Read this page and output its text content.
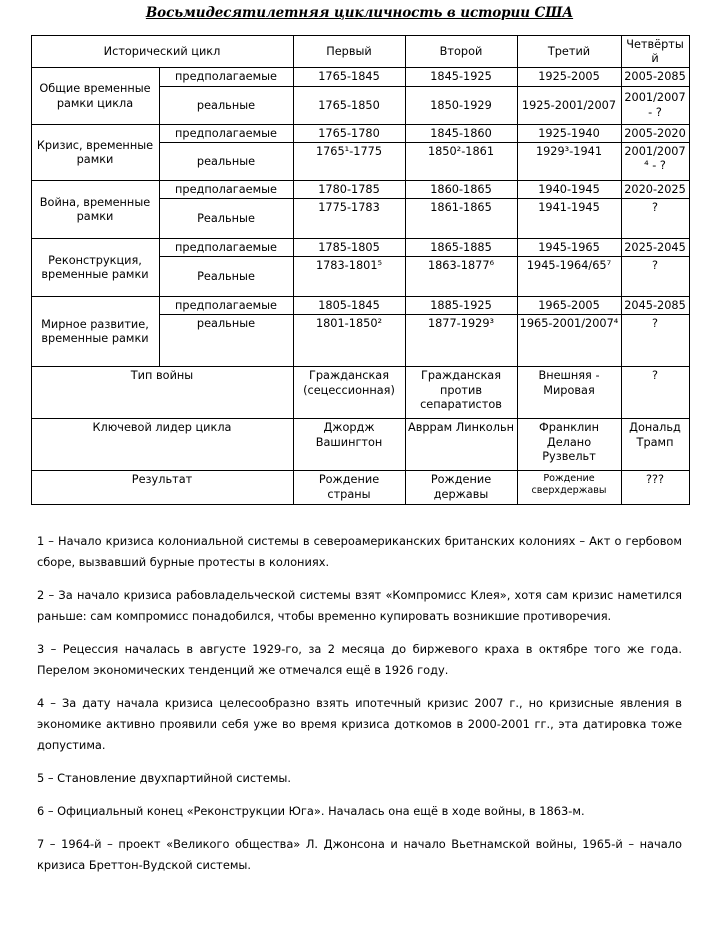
Восьмидесятилетняя цикличность в истории США
Исторический цикл		Первый	Второй	Третий	Четвёртый
Общие временные рамки цикла	предполагаемые	1765-1845	1845-1925	1925-2005	2005-2085
	реальные	1765-1850	1850-1929	1925-2001/2007	2001/2007 - ?
Кризис, временные рамки	предполагаемые	1765-1780	1845-1860	1925-1940	2005-2020
	реальные	1765¹-1775	1850²-1861	1929³-1941	2001/2007⁴ - ?
Война, временные рамки	предполагаемые	1780-1785	1860-1865	1940-1945	2020-2025
	Реальные	1775-1783	1861-1865	1941-1945	?
Реконструкция, временные рамки	предполагаемые	1785-1805	1865-1885	1945-1965	2025-2045
	Реальные	1783-1801⁵	1863-1877⁶	1945-1964/65⁷	?
Мирное развитие, временные рамки	предполагаемые	1805-1845	1885-1925	1965-2005	2045-2085
	реальные	1801-1850²	1877-1929³	1965-2001/2007⁴	?
Тип войны		Гражданская (сецессионная)	Гражданская против сепаратистов	Внешняя - Мировая	?
Ключевой лидер цикла		Джордж Вашингтон	Авррам Линкольн	Франклин Делано Рузвельт	Дональд Трамп
Результат		Рождение страны	Рождение державы	Рождение сверхдержавы	???

1 – Начало кризиса колониальной системы в североамериканских британских колониях – Акт о гербовом сборе, вызвавший бурные протесты в колониях.

2 – За начало кризиса рабовладельческой системы взят «Компромисс Клея», хотя сам кризис наметился раньше: сам компромисс понадобился, чтобы временно купировать возникшие противоречия.

3 – Рецессия началась в августе 1929-го, за 2 месяца до биржевого краха в октябре того же года. Перелом экономических тенденций же отмечался ещё в 1926 году.

4 – За дату начала кризиса целесообразно взять ипотечный кризис 2007 г., но кризисные явления в экономике активно проявили себя уже во время кризиса доткомов в 2000-2001 гг., эта датировка тоже допустима.

5 – Становление двухпартийной системы.

6 – Официальный конец «Реконструкции Юга». Началась она ещё в ходе войны, в 1863-м.

7 – 1964-й – проект «Великого общества» Л. Джонсона и начало Вьетнамской войны, 1965-й – начало кризиса Бреттон-Вудской системы.
